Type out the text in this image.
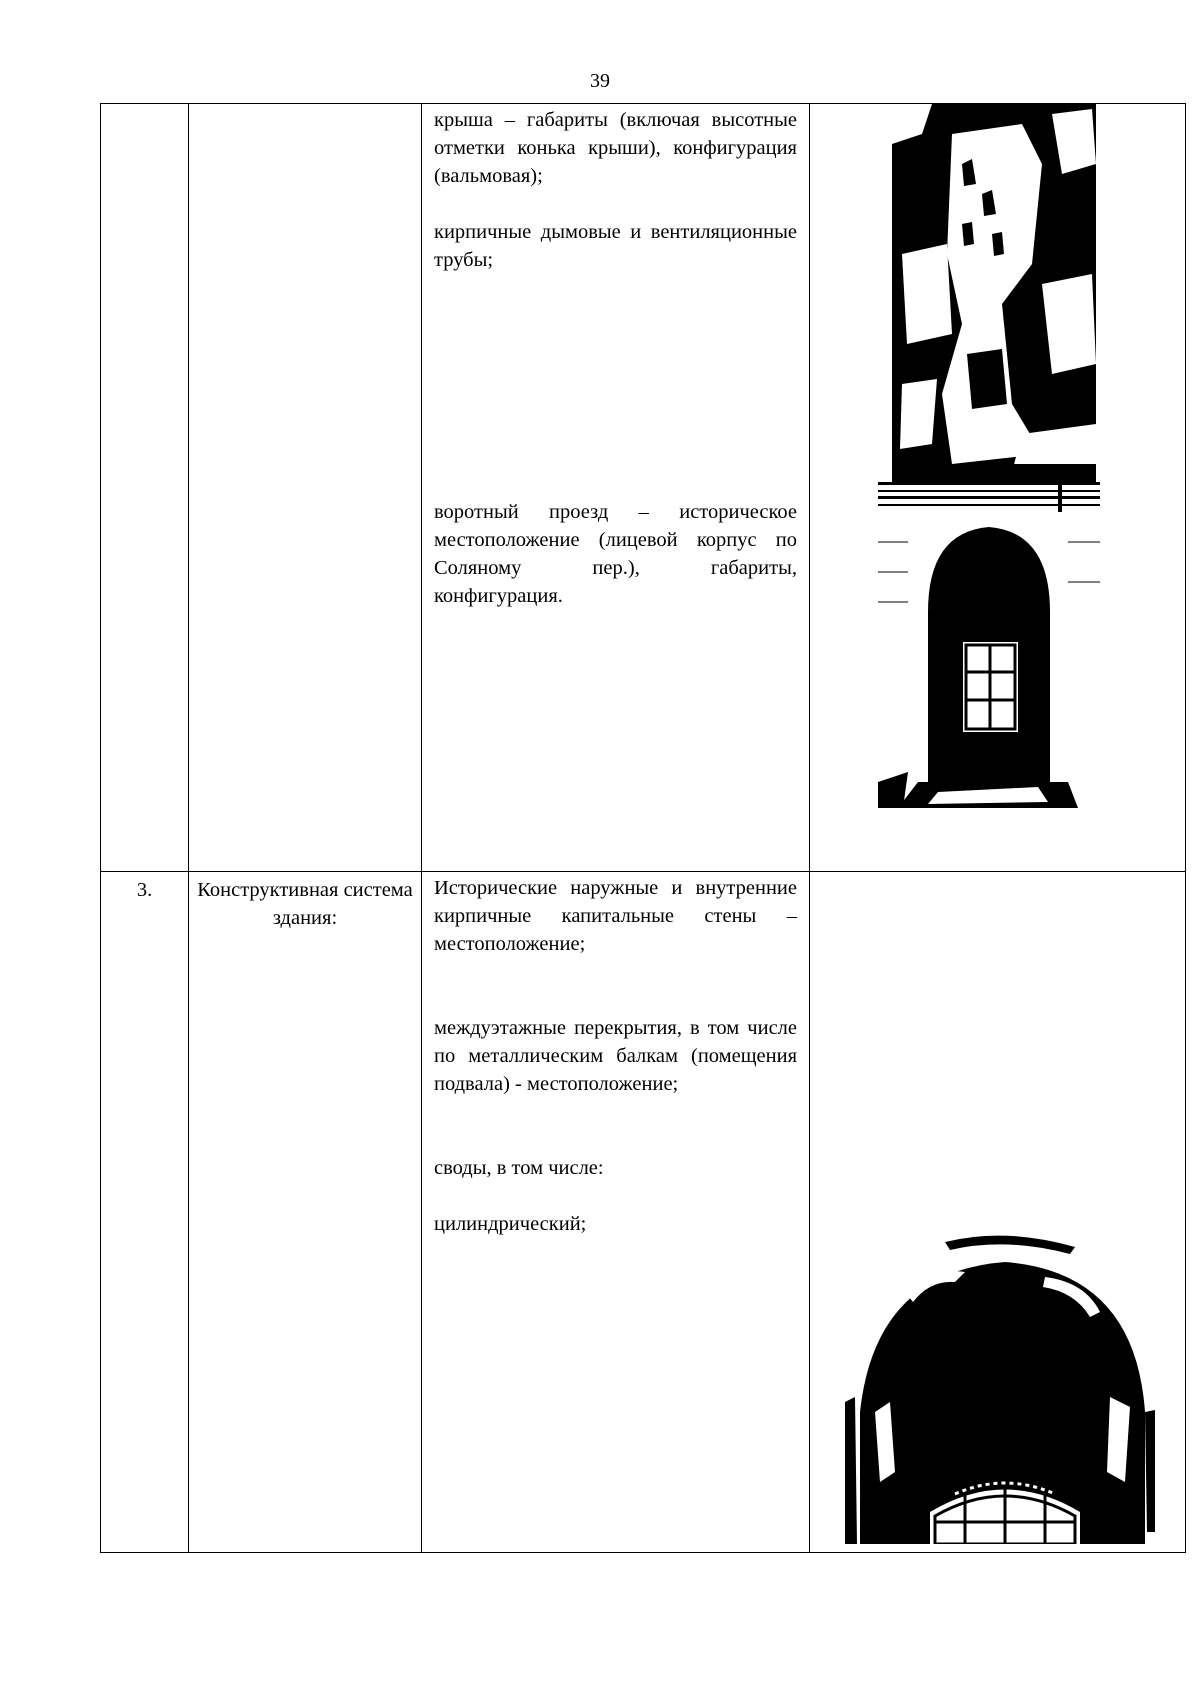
39

		крыша – габариты (включая высотные отметки конька крыши), конфигурация (вальмовая);
кирпичные дымовые и вентиляционные трубы;
воротный проезд – историческое местоположение (лицевой корпус по Соляному пер.), габариты, конфигурация.

3.	Конструктивная система здания:	Исторические наружные и внутренние кирпичные капитальные стены – местоположение;
междуэтажные перекрытия, в том числе по металлическим балкам (помещения подвала) - местоположение;
своды, в том числе:
цилиндрический;
